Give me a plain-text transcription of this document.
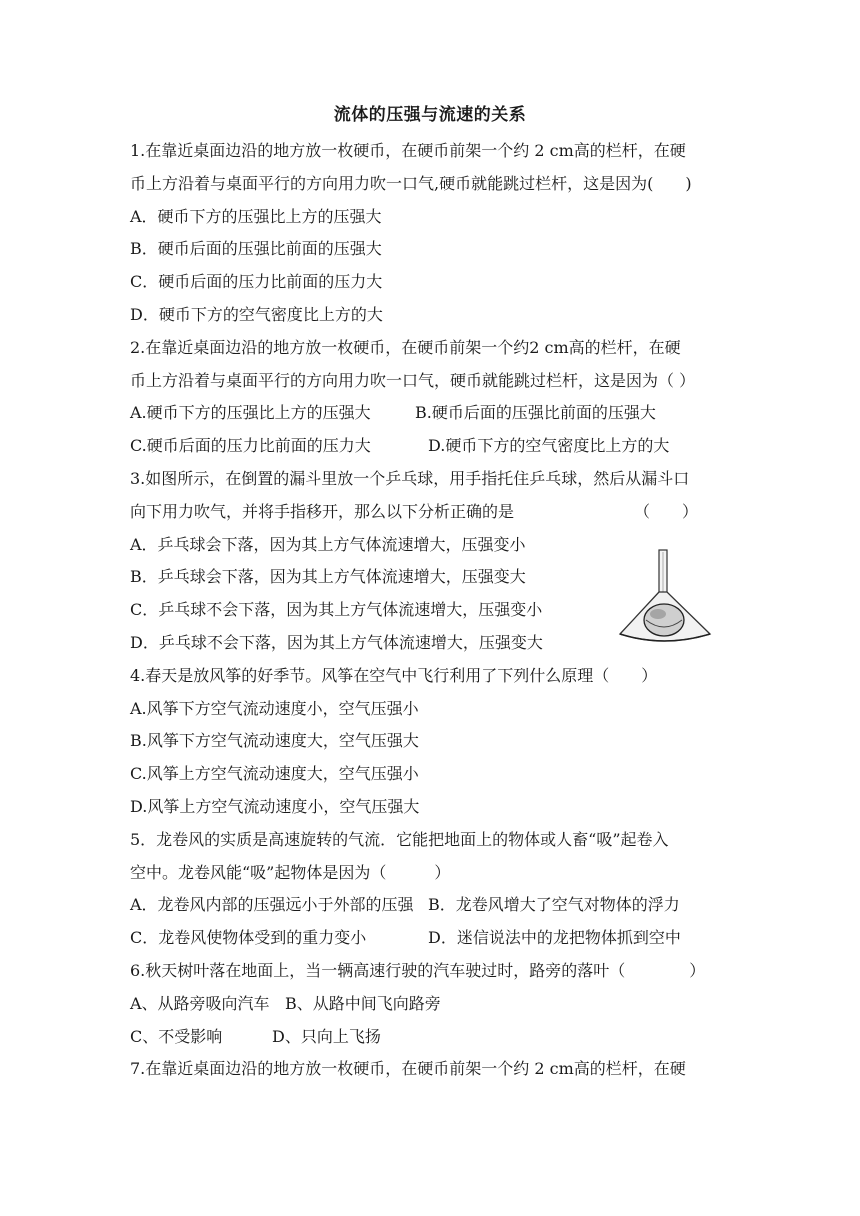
流体的压强与流速的关系
1.在靠近桌面边沿的地方放一枚硬币，在硬币前架一个约 2 cm高的栏杆，在硬
币上方沿着与桌面平行的方向用力吹一口气,硬币就能跳过栏杆，这是因为(　　)
A．硬币下方的压强比上方的压强大
B．硬币后面的压强比前面的压强大
C．硬币后面的压力比前面的压力大
D．硬币下方的空气密度比上方的大
2.在靠近桌面边沿的地方放一枚硬币，在硬币前架一个约2 cm高的栏杆，在硬
币上方沿着与桌面平行的方向用力吹一口气，硬币就能跳过栏杆，这是因为（ ）
A.硬币下方的压强比上方的压强大	B.硬币后面的压强比前面的压强大
C.硬币后面的压力比前面的压力大	D.硬币下方的空气密度比上方的大
3.如图所示，在倒置的漏斗里放一个乒乓球，用手指托住乒乓球，然后从漏斗口
向下用力吹气，并将手指移开，那么以下分析正确的是　　　　　　　　（　　）
A．乒乓球会下落，因为其上方气体流速增大，压强变小
B．乒乓球会下落，因为其上方气体流速增大，压强变大
C．乒乓球不会下落，因为其上方气体流速增大，压强变小
D．乒乓球不会下落，因为其上方气体流速增大，压强变大
4.春天是放风筝的好季节。风筝在空气中飞行利用了下列什么原理（　　）
A.风筝下方空气流动速度小，空气压强小
B.风筝下方空气流动速度大，空气压强大
C.风筝上方空气流动速度大，空气压强小
D.风筝上方空气流动速度小，空气压强大
5．龙卷风的实质是高速旋转的气流．它能把地面上的物体或人畜“吸”起卷入
空中。龙卷风能“吸”起物体是因为（　　　）
A．龙卷风内部的压强远小于外部的压强 B．龙卷风增大了空气对物体的浮力
C．龙卷风使物体受到的重力变小	D．迷信说法中的龙把物体抓到空中
6.秋天树叶落在地面上，当一辆高速行驶的汽车驶过时，路旁的落叶（　　　　）
A、从路旁吸向汽车 B、从路中间飞向路旁
C、不受影响	D、只向上飞扬
7.在靠近桌面边沿的地方放一枚硬币，在硬币前架一个约 2 cm高的栏杆，在硬
